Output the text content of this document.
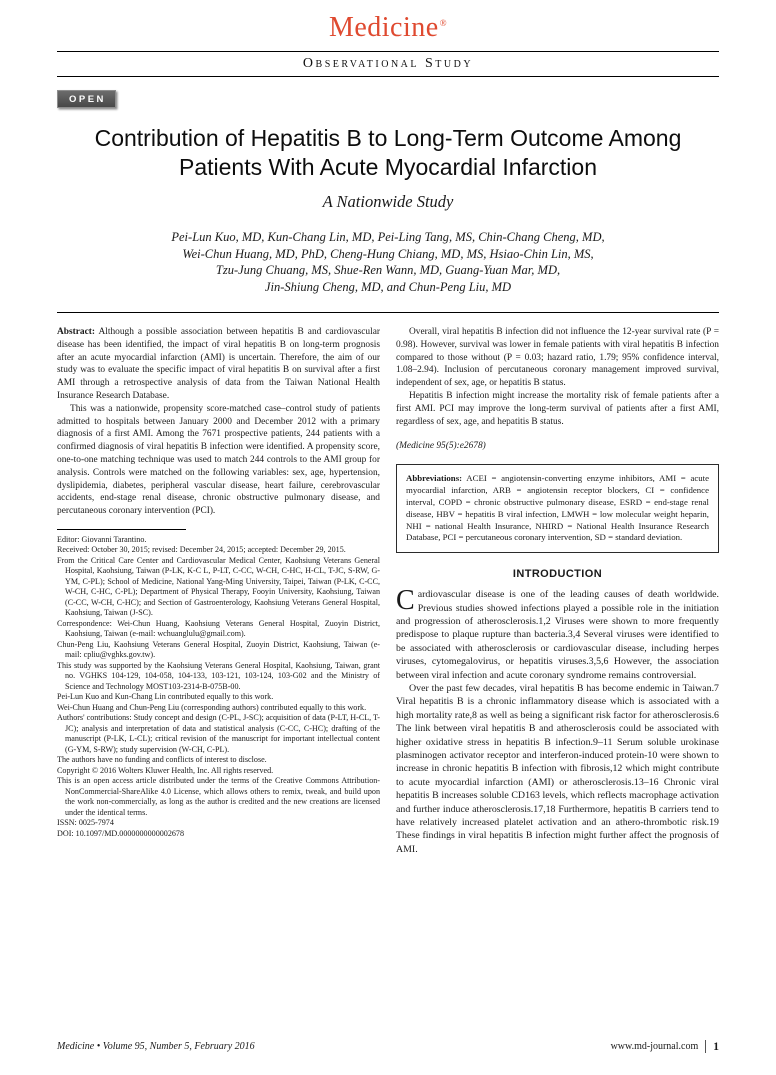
Medicine®
Observational Study
OPEN
Contribution of Hepatitis B to Long-Term Outcome Among Patients With Acute Myocardial Infarction
A Nationwide Study
Pei-Lun Kuo, MD, Kun-Chang Lin, MD, Pei-Ling Tang, MS, Chin-Chang Cheng, MD,
Wei-Chun Huang, MD, PhD, Cheng-Hung Chiang, MD, MS, Hsiao-Chin Lin, MS,
Tzu-Jung Chuang, MS, Shue-Ren Wann, MD, Guang-Yuan Mar, MD,
Jin-Shiung Cheng, MD, and Chun-Peng Liu, MD

Abstract: Although a possible association between hepatitis B and cardiovascular disease has been identified, the impact of viral hepatitis B on long-term prognosis after an acute myocardial infarction (AMI) is uncertain. Therefore, the aim of our study was to evaluate the specific impact of viral hepatitis B on survival after a first AMI through a retrospective analysis of data from the Taiwan National Health Insurance Research Database.

This was a nationwide, propensity score-matched case–control study of patients admitted to hospitals between January 2000 and December 2012 with a primary diagnosis of a first AMI. Among the 7671 prospective patients, 244 patients with a confirmed diagnosis of viral hepatitis B infection were identified. A propensity score, one-to-one matching technique was used to match 244 controls to the AMI group for analysis. Controls were matched on the following variables: sex, age, hypertension, dyslipidemia, diabetes, peripheral vascular disease, heart failure, cerebrovascular accidents, end-stage renal disease, chronic obstructive pulmonary disease, and percutaneous coronary intervention (PCI).

Editor: Giovanni Tarantino.
Received: October 30, 2015; revised: December 24, 2015; accepted: December 29, 2015.
From the Critical Care Center and Cardiovascular Medical Center, Kaohsiung Veterans General Hospital, Kaohsiung, Taiwan (P-LK, K-C L, P-LT, C-CC, W-CH, C-HC, H-CL, T-JC, S-RW, G-YM, C-PL); School of Medicine, National Yang-Ming University, Taipei, Taiwan (P-LK, C-CC, W-CH, C-HC, C-PL); Department of Physical Therapy, Fooyin University, Kaohsiung, Taiwan (C-CC, W-CH, C-HC); and Section of Gastroenterology, Kaohsiung Veterans General Hospital, Kaohsiung, Taiwan (J-SC).
Correspondence: Wei-Chun Huang, Kaohsiung Veterans General Hospital, Zuoyin District, Kaohsiung, Taiwan (e-mail: wchuanglulu@gmail.com).
Chun-Peng Liu, Kaohsiung Veterans General Hospital, Zuoyin District, Kaohsiung, Taiwan (e-mail: cpliu@vghks.gov.tw).
This study was supported by the Kaohsiung Veterans General Hospital, Kaohsiung, Taiwan, grant no. VGHKS 104-129, 104-058, 104-133, 103-121, 103-124, 103-G02 and the Ministry of Science and Technology MOST103-2314-B-075B-00.
Pei-Lun Kuo and Kun-Chang Lin contributed equally to this work.
Wei-Chun Huang and Chun-Peng Liu (corresponding authors) contributed equally to this work.
Authors' contributions: Study concept and design (C-PL, J-SC); acquisition of data (P-LT, H-CL, T-JC); analysis and interpretation of data and statistical analysis (C-CC, C-HC); drafting of the manuscript (P-LK, L-CL); critical revision of the manuscript for important intellectual content (G-YM, S-RW); study supervision (W-CH, C-PL).
The authors have no funding and conflicts of interest to disclose.
Copyright © 2016 Wolters Kluwer Health, Inc. All rights reserved.
This is an open access article distributed under the terms of the Creative Commons Attribution-NonCommercial-ShareAlike 4.0 License, which allows others to remix, tweak, and build upon the work non-commercially, as long as the author is credited and the new creations are licensed under the identical terms.
ISSN: 0025-7974
DOI: 10.1097/MD.0000000000002678

Overall, viral hepatitis B infection did not influence the 12-year survival rate (P = 0.98). However, survival was lower in female patients with viral hepatitis B infection compared to those without (P = 0.03; hazard ratio, 1.79; 95% confidence interval, 1.08–2.94). Inclusion of percutaneous coronary management improved survival, independent of sex, age, or hepatitis B status.

Hepatitis B infection might increase the mortality risk of female patients after a first AMI. PCI may improve the long-term survival of patients after a first AMI, regardless of sex, age, and hepatitis B status.

(Medicine 95(5):e2678)
Abbreviations: ACEI = angiotensin-converting enzyme inhibitors, AMI = acute myocardial infarction, ARB = angiotensin receptor blockers, CI = confidence interval, COPD = chronic obstructive pulmonary disease, ESRD = end-stage renal disease, HBV = hepatitis B viral infection, LMWH = low molecular weight heparin, NHI = national Health Insurance, NHIRD = National Health Insurance Research Database, PCI = percutaneous coronary intervention, SD = standard deviation.
INTRODUCTION

Cardiovascular disease is one of the leading causes of death worldwide. Previous studies showed infections played a possible role in the initiation and progression of atherosclerosis.1,2 Viruses were shown to more frequently predispose to plaque rupture than bacteria.3,4 Several viruses were identified to be associated with atherosclerosis or cardiovascular disease, including herpes viruses, cytomegalovirus, or hepatitis viruses.3,5,6 However, the association between viral infection and acute coronary syndrome remains controversial.

Over the past few decades, viral hepatitis B has become endemic in Taiwan.7 Viral hepatitis B is a chronic inflammatory disease which is associated with a high mortality rate,8 as well as being a significant risk factor for atherosclerosis.6 The link between viral hepatitis B and atherosclerosis could be associated with higher oxidative stress in hepatitis B infection.9–11 Serum soluble urokinase plasminogen activator receptor and interferon-induced protein-10 were shown to increase in chronic hepatitis B infection with fibrosis,12 which might contribute to acute myocardial infarction (AMI) or atherosclerosis.13–16 Chronic viral hepatitis B increases soluble CD163 levels, which reflects macrophage activation and further induce atherosclerosis.17,18 Furthermore, hepatitis B carriers tend to have relatively increased platelet activation and an athero-thrombotic risk.19 These findings in viral hepatitis B infection might further affect the prognosis of AMI.

Medicine • Volume 95, Number 5, February 2016	www.md-journal.com 1
